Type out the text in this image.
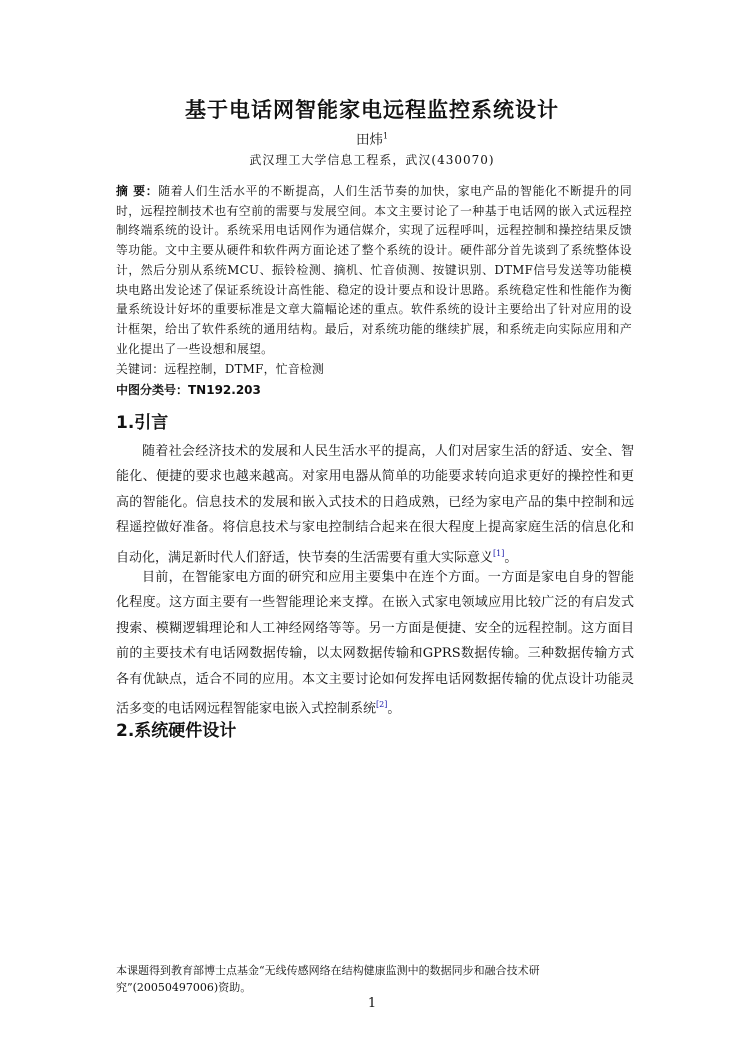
基于电话网智能家电远程监控系统设计
田炜$^1$
武汉理工大学信息工程系，武汉(430070)
摘 要：随着人们生活水平的不断提高，人们生活节奏的加快，家电产品的智能化不断提升的同时，远程控制技术也有空前的需要与发展空间。本文主要讨论了一种基于电话网的嵌入式远程控制终端系统的设计。系统采用电话网作为通信媒介，实现了远程呼叫，远程控制和操控结果反馈等功能。文中主要从硬件和软件两方面论述了整个系统的设计。硬件部分首先谈到了系统整体设计，然后分别从系统MCU、振铃检测、摘机、忙音侦测、按键识别、DTMF信号发送等功能模块电路出发论述了保证系统设计高性能、稳定的设计要点和设计思路。系统稳定性和性能作为衡量系统设计好坏的重要标准是文章大篇幅论述的重点。软件系统的设计主要给出了针对应用的设计框架，给出了软件系统的通用结构。最后，对系统功能的继续扩展，和系统走向实际应用和产业化提出了一些设想和展望。
关键词：远程控制，DTMF，忙音检测
中图分类号：TN192.203
1.引言
随着社会经济技术的发展和人民生活水平的提高，人们对居家生活的舒适、安全、智能化、便捷的要求也越来越高。对家用电器从简单的功能要求转向追求更好的操控性和更高的智能化。信息技术的发展和嵌入式技术的日趋成熟，已经为家电产品的集中控制和远程遥控做好准备。将信息技术与家电控制结合起来在很大程度上提高家庭生活的信息化和自动化，满足新时代人们舒适，快节奏的生活需要有重大实际意义[1]。
目前，在智能家电方面的研究和应用主要集中在连个方面。一方面是家电自身的智能化程度。这方面主要有一些智能理论来支撑。在嵌入式家电领域应用比较广泛的有启发式搜索、模糊逻辑理论和人工神经网络等等。另一方面是便捷、安全的远程控制。这方面目前的主要技术有电话网数据传输，以太网数据传输和GPRS数据传输。三种数据传输方式各有优缺点，适合不同的应用。本文主要讨论如何发挥电话网数据传输的优点设计功能灵活多变的电话网远程智能家电嵌入式控制系统[2]。
2.系统硬件设计
本课题得到教育部博士点基金“无线传感网络在结构健康监测中的数据同步和融合技术研究”(20050497006)资助。
1
